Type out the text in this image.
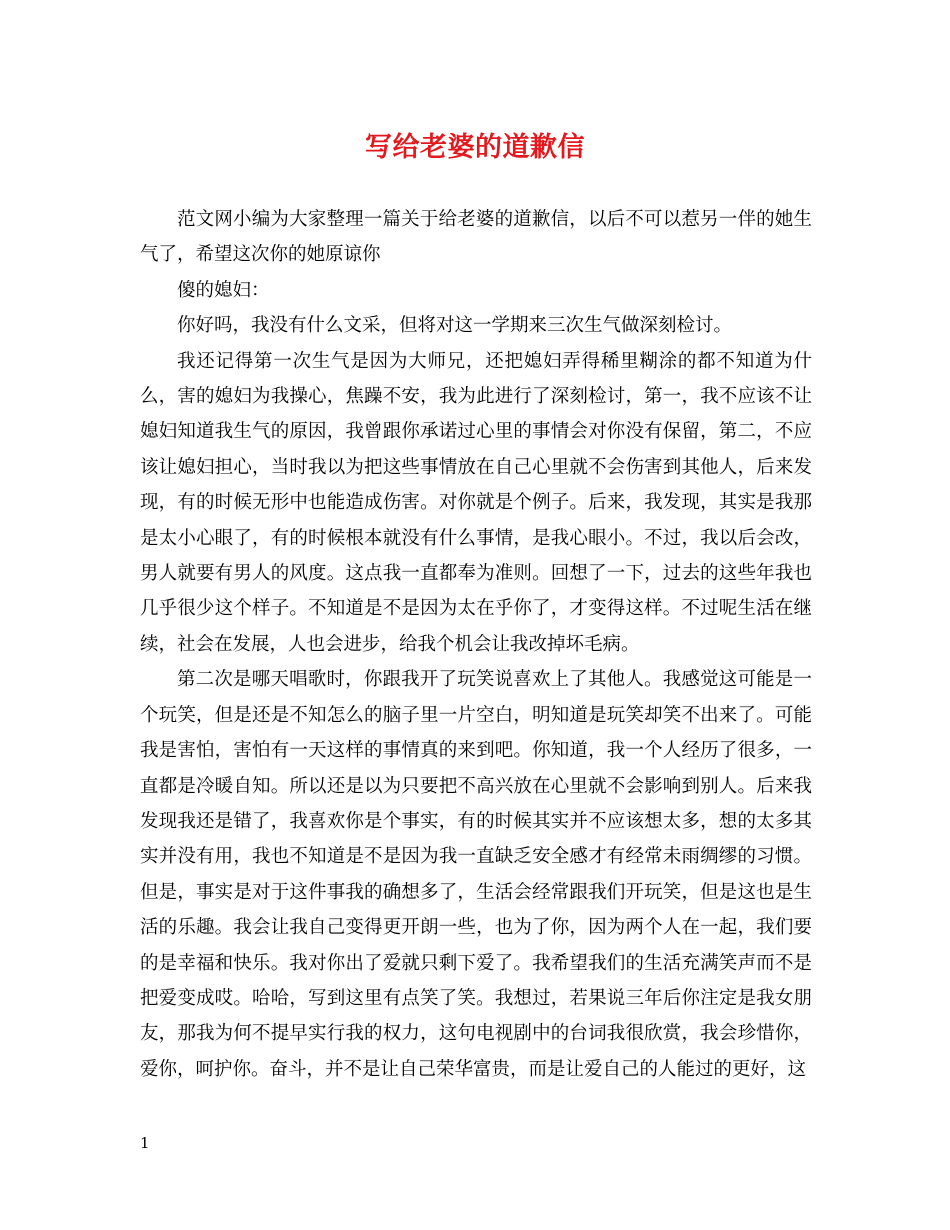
写给老婆的道歉信

范文网小编为大家整理一篇关于给老婆的道歉信，以后不可以惹另一伴的她生气了，希望这次你的她原谅你

傻的媳妇：

你好吗，我没有什么文采，但将对这一学期来三次生气做深刻检讨。

我还记得第一次生气是因为大师兄，还把媳妇弄得稀里糊涂的都不知道为什么，害的媳妇为我操心，焦躁不安，我为此进行了深刻检讨，第一，我不应该不让媳妇知道我生气的原因，我曾跟你承诺过心里的事情会对你没有保留，第二，不应该让媳妇担心，当时我以为把这些事情放在自己心里就不会伤害到其他人，后来发现，有的时候无形中也能造成伤害。对你就是个例子。后来，我发现，其实是我那是太小心眼了，有的时候根本就没有什么事情，是我心眼小。不过，我以后会改，男人就要有男人的风度。这点我一直都奉为准则。回想了一下，过去的这些年我也几乎很少这个样子。不知道是不是因为太在乎你了，才变得这样。不过呢生活在继续，社会在发展，人也会进步，给我个机会让我改掉坏毛病。

第二次是哪天唱歌时，你跟我开了玩笑说喜欢上了其他人。我感觉这可能是一个玩笑，但是还是不知怎么的脑子里一片空白，明知道是玩笑却笑不出来了。可能我是害怕，害怕有一天这样的事情真的来到吧。你知道，我一个人经历了很多，一直都是冷暖自知。所以还是以为只要把不高兴放在心里就不会影响到别人。后来我发现我还是错了，我喜欢你是个事实，有的时候其实并不应该想太多，想的太多其实并没有用，我也不知道是不是因为我一直缺乏安全感才有经常未雨绸缪的习惯。但是，事实是对于这件事我的确想多了，生活会经常跟我们开玩笑，但是这也是生活的乐趣。我会让我自己变得更开朗一些，也为了你，因为两个人在一起，我们要的是幸福和快乐。我对你出了爱就只剩下爱了。我希望我们的生活充满笑声而不是把爱变成哎。哈哈，写到这里有点笑了笑。我想过，若果说三年后你注定是我女朋友，那我为何不提早实行我的权力，这句电视剧中的台词我很欣赏，我会珍惜你，爱你，呵护你。奋斗，并不是让自己荣华富贵，而是让爱自己的人能过的更好，这

1
